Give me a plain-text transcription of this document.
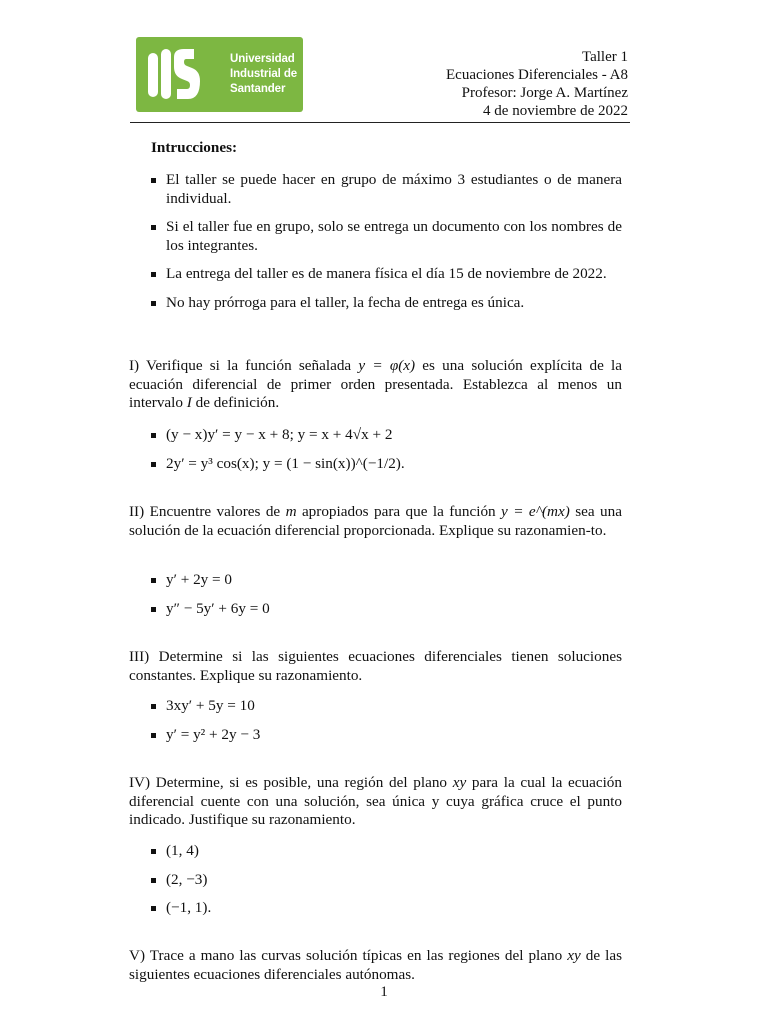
Universidad
Industrial de
Santander
Taller 1
Ecuaciones Diferenciales - A8
Profesor: Jorge A. Martínez
4 de noviembre de 2022
Intrucciones:
El taller se puede hacer en grupo de máximo 3 estudiantes o de manera individual.
Si el taller fue en grupo, solo se entrega un documento con los nombres de los integrantes.
La entrega del taller es de manera física el día 15 de noviembre de 2022.
No hay prórroga para el taller, la fecha de entrega es única.
I) Verifique si la función señalada y = φ(x) es una solución explícita de la ecuación diferencial de primer orden presentada. Establezca al menos un intervalo I de definición.
(y − x)y′ = y − x + 8; y = x + 4√x + 2
2y′ = y³ cos(x); y = (1 − sin(x))^(−1/2).
II) Encuentre valores de m apropiados para que la función y = e^(mx) sea una solución de la ecuación diferencial proporcionada. Explique su razonamien-to.
y′ + 2y = 0
y″ − 5y′ + 6y = 0
III) Determine si las siguientes ecuaciones diferenciales tienen soluciones constantes. Explique su razonamiento.
3xy′ + 5y = 10
y′ = y² + 2y − 3
IV) Determine, si es posible, una región del plano xy para la cual la ecuación diferencial cuente con una solución, sea única y cuya gráfica cruce el punto indicado. Justifique su razonamiento.
(1, 4)
(2, −3)
(−1, 1).
V) Trace a mano las curvas solución típicas en las regiones del plano xy de las siguientes ecuaciones diferenciales autónomas.
1
